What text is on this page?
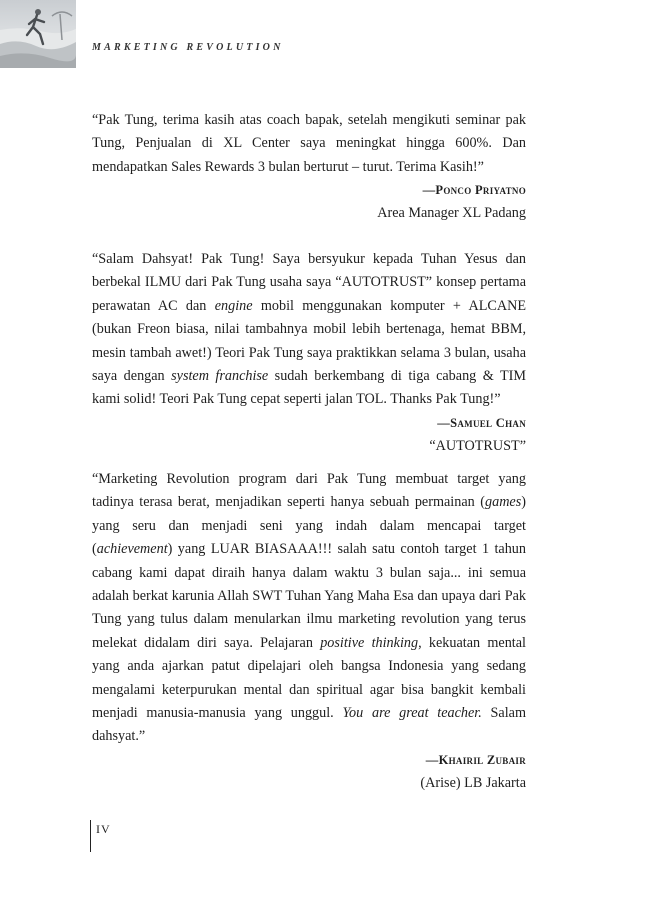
MARKETING REVOLUTION

“Pak Tung, terima kasih atas coach bapak, setelah mengikuti seminar pak Tung, Penjualan di XL Center saya meningkat hingga 600%. Dan mendapatkan Sales Rewards 3 bulan berturut – turut. Terima Kasih!”

—Ponco Priyatno
Area Manager XL Padang

“Salam Dahsyat! Pak Tung! Saya bersyukur kepada Tuhan Yesus dan berbekal ILMU dari Pak Tung usaha saya “AUTOTRUST” konsep pertama perawatan AC dan engine mobil menggunakan komputer + ALCANE (bukan Freon biasa, nilai tambahnya mobil lebih bertenaga, hemat BBM, mesin tambah awet!) Teori Pak Tung saya praktikkan selama 3 bulan, usaha saya dengan system franchise sudah berkembang di tiga cabang & TIM kami solid! Teori Pak Tung cepat seperti jalan TOL. Thanks Pak Tung!”

—Samuel Chan
“AUTOTRUST”

“Marketing Revolution program dari Pak Tung membuat target yang tadinya terasa berat, menjadikan seperti hanya sebuah permainan (games) yang seru dan menjadi seni yang indah dalam mencapai target (achievement) yang LUAR BIASAAA!!! salah satu contoh target 1 tahun cabang kami dapat diraih hanya dalam waktu 3 bulan saja... ini semua adalah berkat karunia Allah SWT Tuhan Yang Maha Esa dan upaya dari Pak Tung yang tulus dalam menularkan ilmu marketing revolution yang terus melekat didalam diri saya. Pelajaran positive thinking, kekuatan mental yang anda ajarkan patut dipelajari oleh bangsa Indonesia yang sedang mengalami keterpurukan mental dan spiritual agar bisa bangkit kembali menjadi manusia-manusia yang unggul. You are great teacher. Salam dahsyat.”

—Khairil Zubair
(Arise) LB Jakarta
IV
